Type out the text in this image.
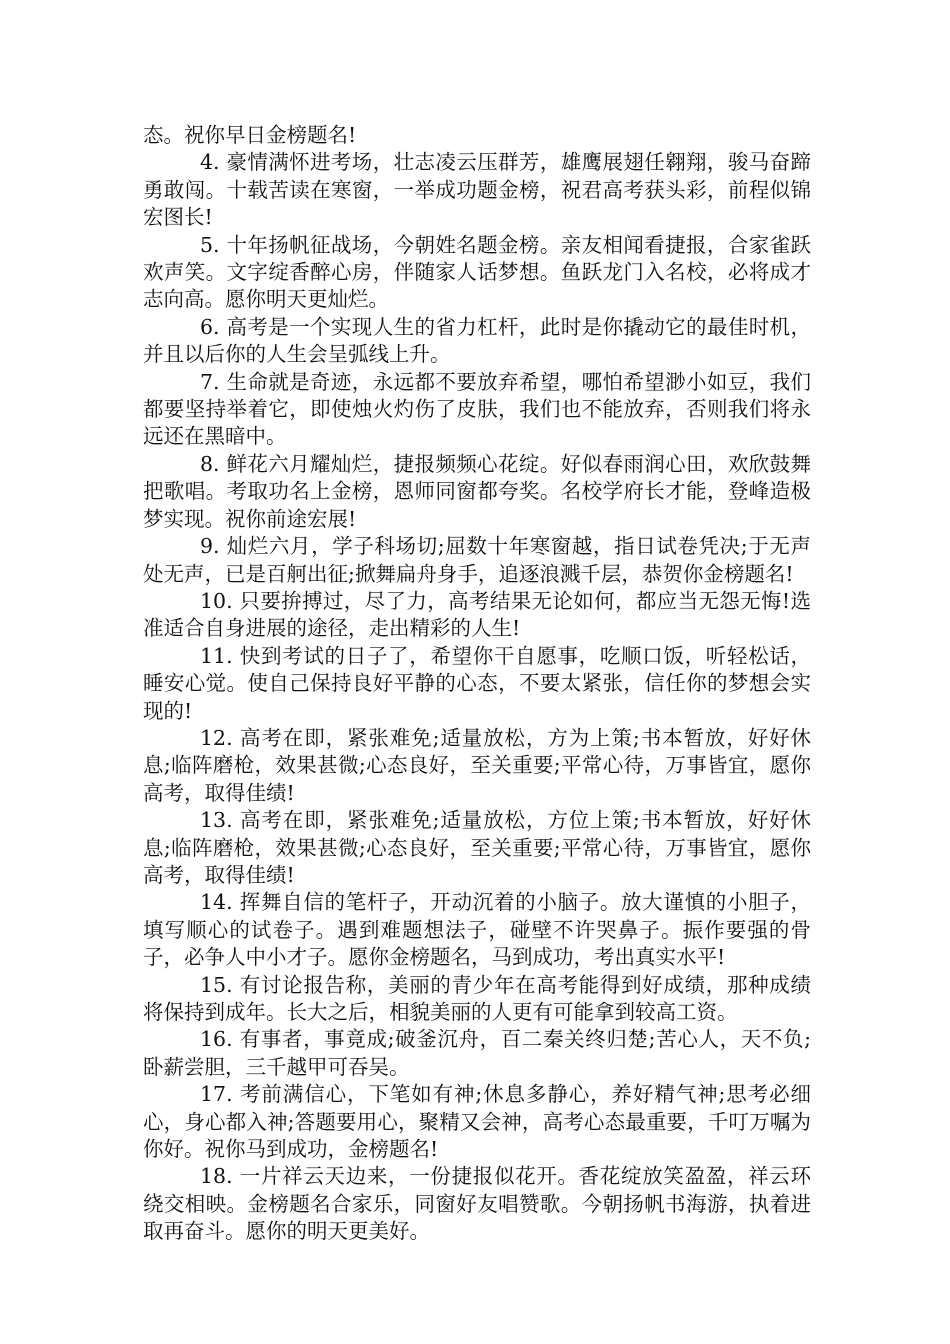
态。祝你早日金榜题名!

4. 豪情满怀进考场，壮志凌云压群芳，雄鹰展翅任翱翔，骏马奋蹄勇敢闯。十载苦读在寒窗，一举成功题金榜，祝君高考获头彩，前程似锦宏图长!

5. 十年扬帆征战场，今朝姓名题金榜。亲友相闻看捷报，合家雀跃欢声笑。文字绽香醉心房，伴随家人话梦想。鱼跃龙门入名校，必将成才志向高。愿你明天更灿烂。

6. 高考是一个实现人生的省力杠杆，此时是你撬动它的最佳时机，并且以后你的人生会呈弧线上升。

7. 生命就是奇迹，永远都不要放弃希望，哪怕希望渺小如豆，我们都要坚持举着它，即使烛火灼伤了皮肤，我们也不能放弃，否则我们将永远还在黑暗中。

8. 鲜花六月耀灿烂，捷报频频心花绽。好似春雨润心田，欢欣鼓舞把歌唱。考取功名上金榜，恩师同窗都夸奖。名校学府长才能，登峰造极梦实现。祝你前途宏展!

9. 灿烂六月，学子科场切;屈数十年寒窗越，指日试卷凭决;于无声处无声，已是百舸出征;掀舞扁舟身手，追逐浪溅千层，恭贺你金榜题名!

10. 只要拚搏过，尽了力，高考结果无论如何，都应当无怨无悔!选准适合自身进展的途径，走出精彩的人生!

11. 快到考试的日子了，希望你干自愿事，吃顺口饭，听轻松话，睡安心觉。使自己保持良好平静的心态，不要太紧张，信任你的梦想会实现的!

12. 高考在即，紧张难免;适量放松，方为上策;书本暂放，好好休息;临阵磨枪，效果甚微;心态良好，至关重要;平常心待，万事皆宜，愿你高考，取得佳绩!

13. 高考在即，紧张难免;适量放松，方位上策;书本暂放，好好休息;临阵磨枪，效果甚微;心态良好，至关重要;平常心待，万事皆宜，愿你高考，取得佳绩!

14. 挥舞自信的笔杆子，开动沉着的小脑子。放大谨慎的小胆子，填写顺心的试卷子。遇到难题想法子，碰壁不许哭鼻子。振作要强的骨子，必争人中小才子。愿你金榜题名，马到成功，考出真实水平!

15. 有讨论报告称，美丽的青少年在高考能得到好成绩，那种成绩将保持到成年。长大之后，相貌美丽的人更有可能拿到较高工资。

16. 有事者，事竟成;破釜沉舟，百二秦关终归楚;苦心人，天不负;卧薪尝胆，三千越甲可吞吴。

17. 考前满信心，下笔如有神;休息多静心，养好精气神;思考必细心，身心都入神;答题要用心，聚精又会神，高考心态最重要，千叮万嘱为你好。祝你马到成功，金榜题名!

18. 一片祥云天边来，一份捷报似花开。香花绽放笑盈盈，祥云环绕交相映。金榜题名合家乐，同窗好友唱赞歌。今朝扬帆书海游，执着进取再奋斗。愿你的明天更美好。
